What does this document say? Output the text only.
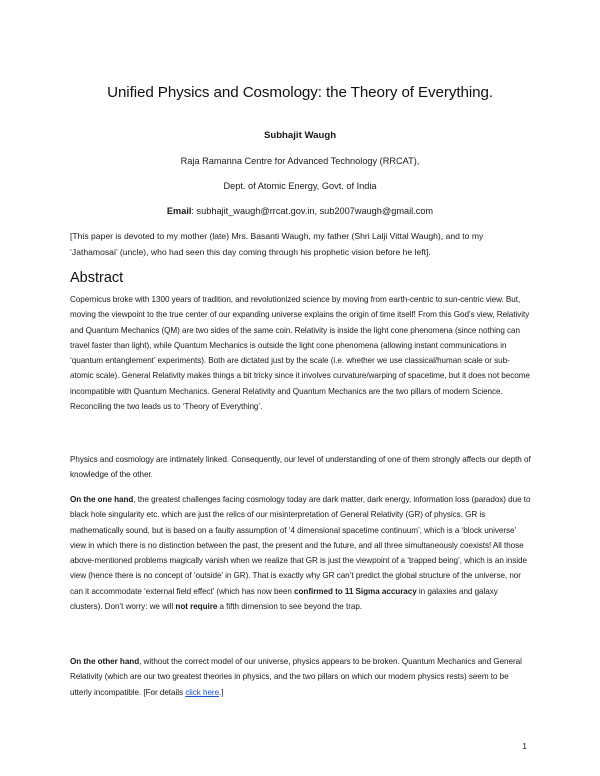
Unified Physics and Cosmology: the Theory of Everything.
Subhajit Waugh
Raja Ramanna Centre for Advanced Technology (RRCAT),
Dept. of Atomic Energy, Govt. of India
Email: subhajit_waugh@rrcat.gov.in, sub2007waugh@gmail.com
[This paper is devoted to my mother (late) Mrs. Basanti Waugh, my father (Shri Lalji Vittal Waugh), and to my ‘Jathamosai’ (uncle), who had seen this day coming through his prophetic vision before he left].
Abstract
Copernicus broke with 1300 years of tradition, and revolutionized science by moving from earth-centric to sun-centric view. But, moving the viewpoint to the true center of our expanding universe explains the origin of time itself! From this God’s view, Relativity and Quantum Mechanics (QM) are two sides of the same coin. Relativity is inside the light cone phenomena (since nothing can travel faster than light), while Quantum Mechanics is outside the light cone phenomena (allowing instant communications in ‘quantum entanglement’ experiments). Both are dictated just by the scale (i.e. whether we use classical/human scale or sub-atomic scale). General Relativity makes things a bit tricky since it involves curvature/warping of spacetime, but it does not become incompatible with Quantum Mechanics. General Relativity and Quantum Mechanics are the two pillars of modern Science. Reconciling the two leads us to ‘Theory of Everything’.
Physics and cosmology are intimately linked. Consequently, our level of understanding of one of them strongly affects our depth of knowledge of the other.
On the one hand, the greatest challenges facing cosmology today are dark matter, dark energy, information loss (paradox) due to black hole singularity etc. which are just the relics of our misinterpretation of General Relativity (GR) of physics. GR is mathematically sound, but is based on a faulty assumption of ‘4 dimensional spacetime continuum’, which is a ‘block universe’ view in which there is no distinction between the past, the present and the future, and all three simultaneously coexists! All those above-mentioned problems magically vanish when we realize that GR is just the viewpoint of a ‘trapped being’, which is an inside view (hence there is no concept of ‘outside’ in GR). That is exactly why GR can’t predict the global structure of the universe, nor can it accommodate ‘external field effect’ (which has now been confirmed to 11 Sigma accuracy in galaxies and galaxy clusters). Don’t worry: we will not require a fifth dimension to see beyond the trap.
On the other hand, without the correct model of our universe, physics appears to be broken. Quantum Mechanics and General Relativity (which are our two greatest theories in physics, and the two pillars on which our modern physics rests) seem to be utterly incompatible. [For details click here.]
1
